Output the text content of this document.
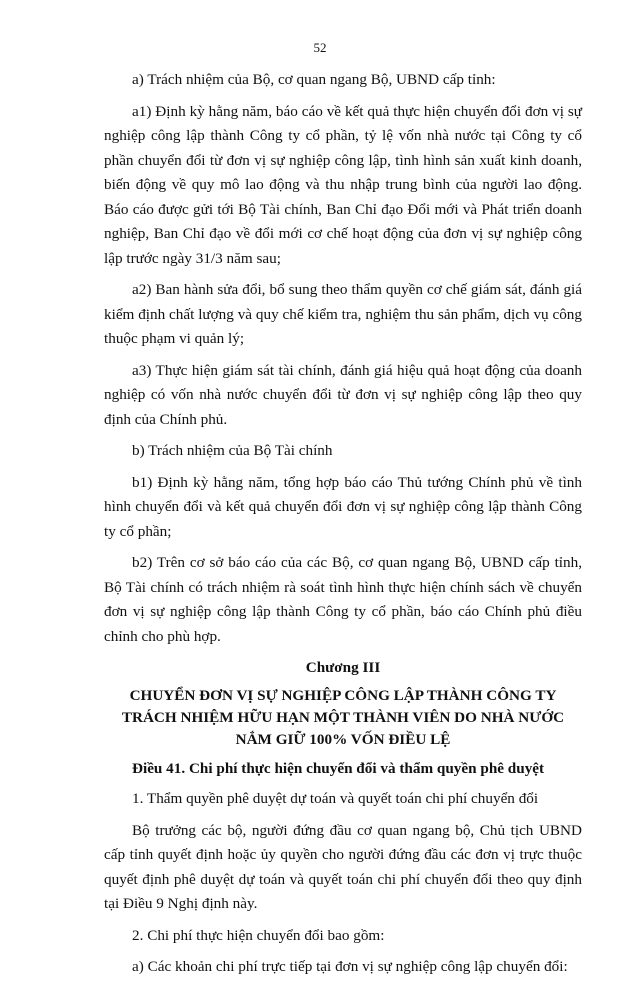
52

a) Trách nhiệm của Bộ, cơ quan ngang Bộ, UBND cấp tỉnh:

a1) Định kỳ hằng năm, báo cáo về kết quả thực hiện chuyển đổi đơn vị sự nghiệp công lập thành Công ty cổ phần, tỷ lệ vốn nhà nước tại Công ty cổ phần chuyển đổi từ đơn vị sự nghiệp công lập, tình hình sản xuất kinh doanh, biến động về quy mô lao động và thu nhập trung bình của người lao động. Báo cáo được gửi tới Bộ Tài chính, Ban Chỉ đạo Đổi mới và Phát triển doanh nghiệp, Ban Chỉ đạo về đổi mới cơ chế hoạt động của đơn vị sự nghiệp công lập trước ngày 31/3 năm sau;

a2) Ban hành sửa đổi, bổ sung theo thẩm quyền cơ chế giám sát, đánh giá kiểm định chất lượng và quy chế kiểm tra, nghiệm thu sản phẩm, dịch vụ công thuộc phạm vi quản lý;

a3) Thực hiện giám sát tài chính, đánh giá hiệu quả hoạt động của doanh nghiệp có vốn nhà nước chuyển đổi từ đơn vị sự nghiệp công lập theo quy định của Chính phủ.

b) Trách nhiệm của Bộ Tài chính

b1) Định kỳ hằng năm, tổng hợp báo cáo Thủ tướng Chính phủ về tình hình chuyển đổi và kết quả chuyển đổi đơn vị sự nghiệp công lập thành Công ty cổ phần;

b2) Trên cơ sở báo cáo của các Bộ, cơ quan ngang Bộ, UBND cấp tỉnh, Bộ Tài chính có trách nhiệm rà soát tình hình thực hiện chính sách về chuyển đơn vị sự nghiệp công lập thành Công ty cổ phần, báo cáo Chính phủ điều chỉnh cho phù hợp.

Chương III
CHUYỂN ĐƠN VỊ SỰ NGHIỆP CÔNG LẬP THÀNH CÔNG TY TRÁCH NHIỆM HỮU HẠN MỘT THÀNH VIÊN DO NHÀ NƯỚC NẮM GIỮ 100% VỐN ĐIỀU LỆ

Điều 41. Chi phí thực hiện chuyển đổi và thẩm quyền phê duyệt

1. Thẩm quyền phê duyệt dự toán và quyết toán chi phí chuyển đổi

Bộ trưởng các bộ, người đứng đầu cơ quan ngang bộ, Chủ tịch UBND cấp tỉnh quyết định hoặc ủy quyền cho người đứng đầu các đơn vị trực thuộc quyết định phê duyệt dự toán và quyết toán chi phí chuyển đổi theo quy định tại Điều 9 Nghị định này.

2. Chi phí thực hiện chuyển đổi bao gồm:

a) Các khoản chi phí trực tiếp tại đơn vị sự nghiệp công lập chuyển đổi:
